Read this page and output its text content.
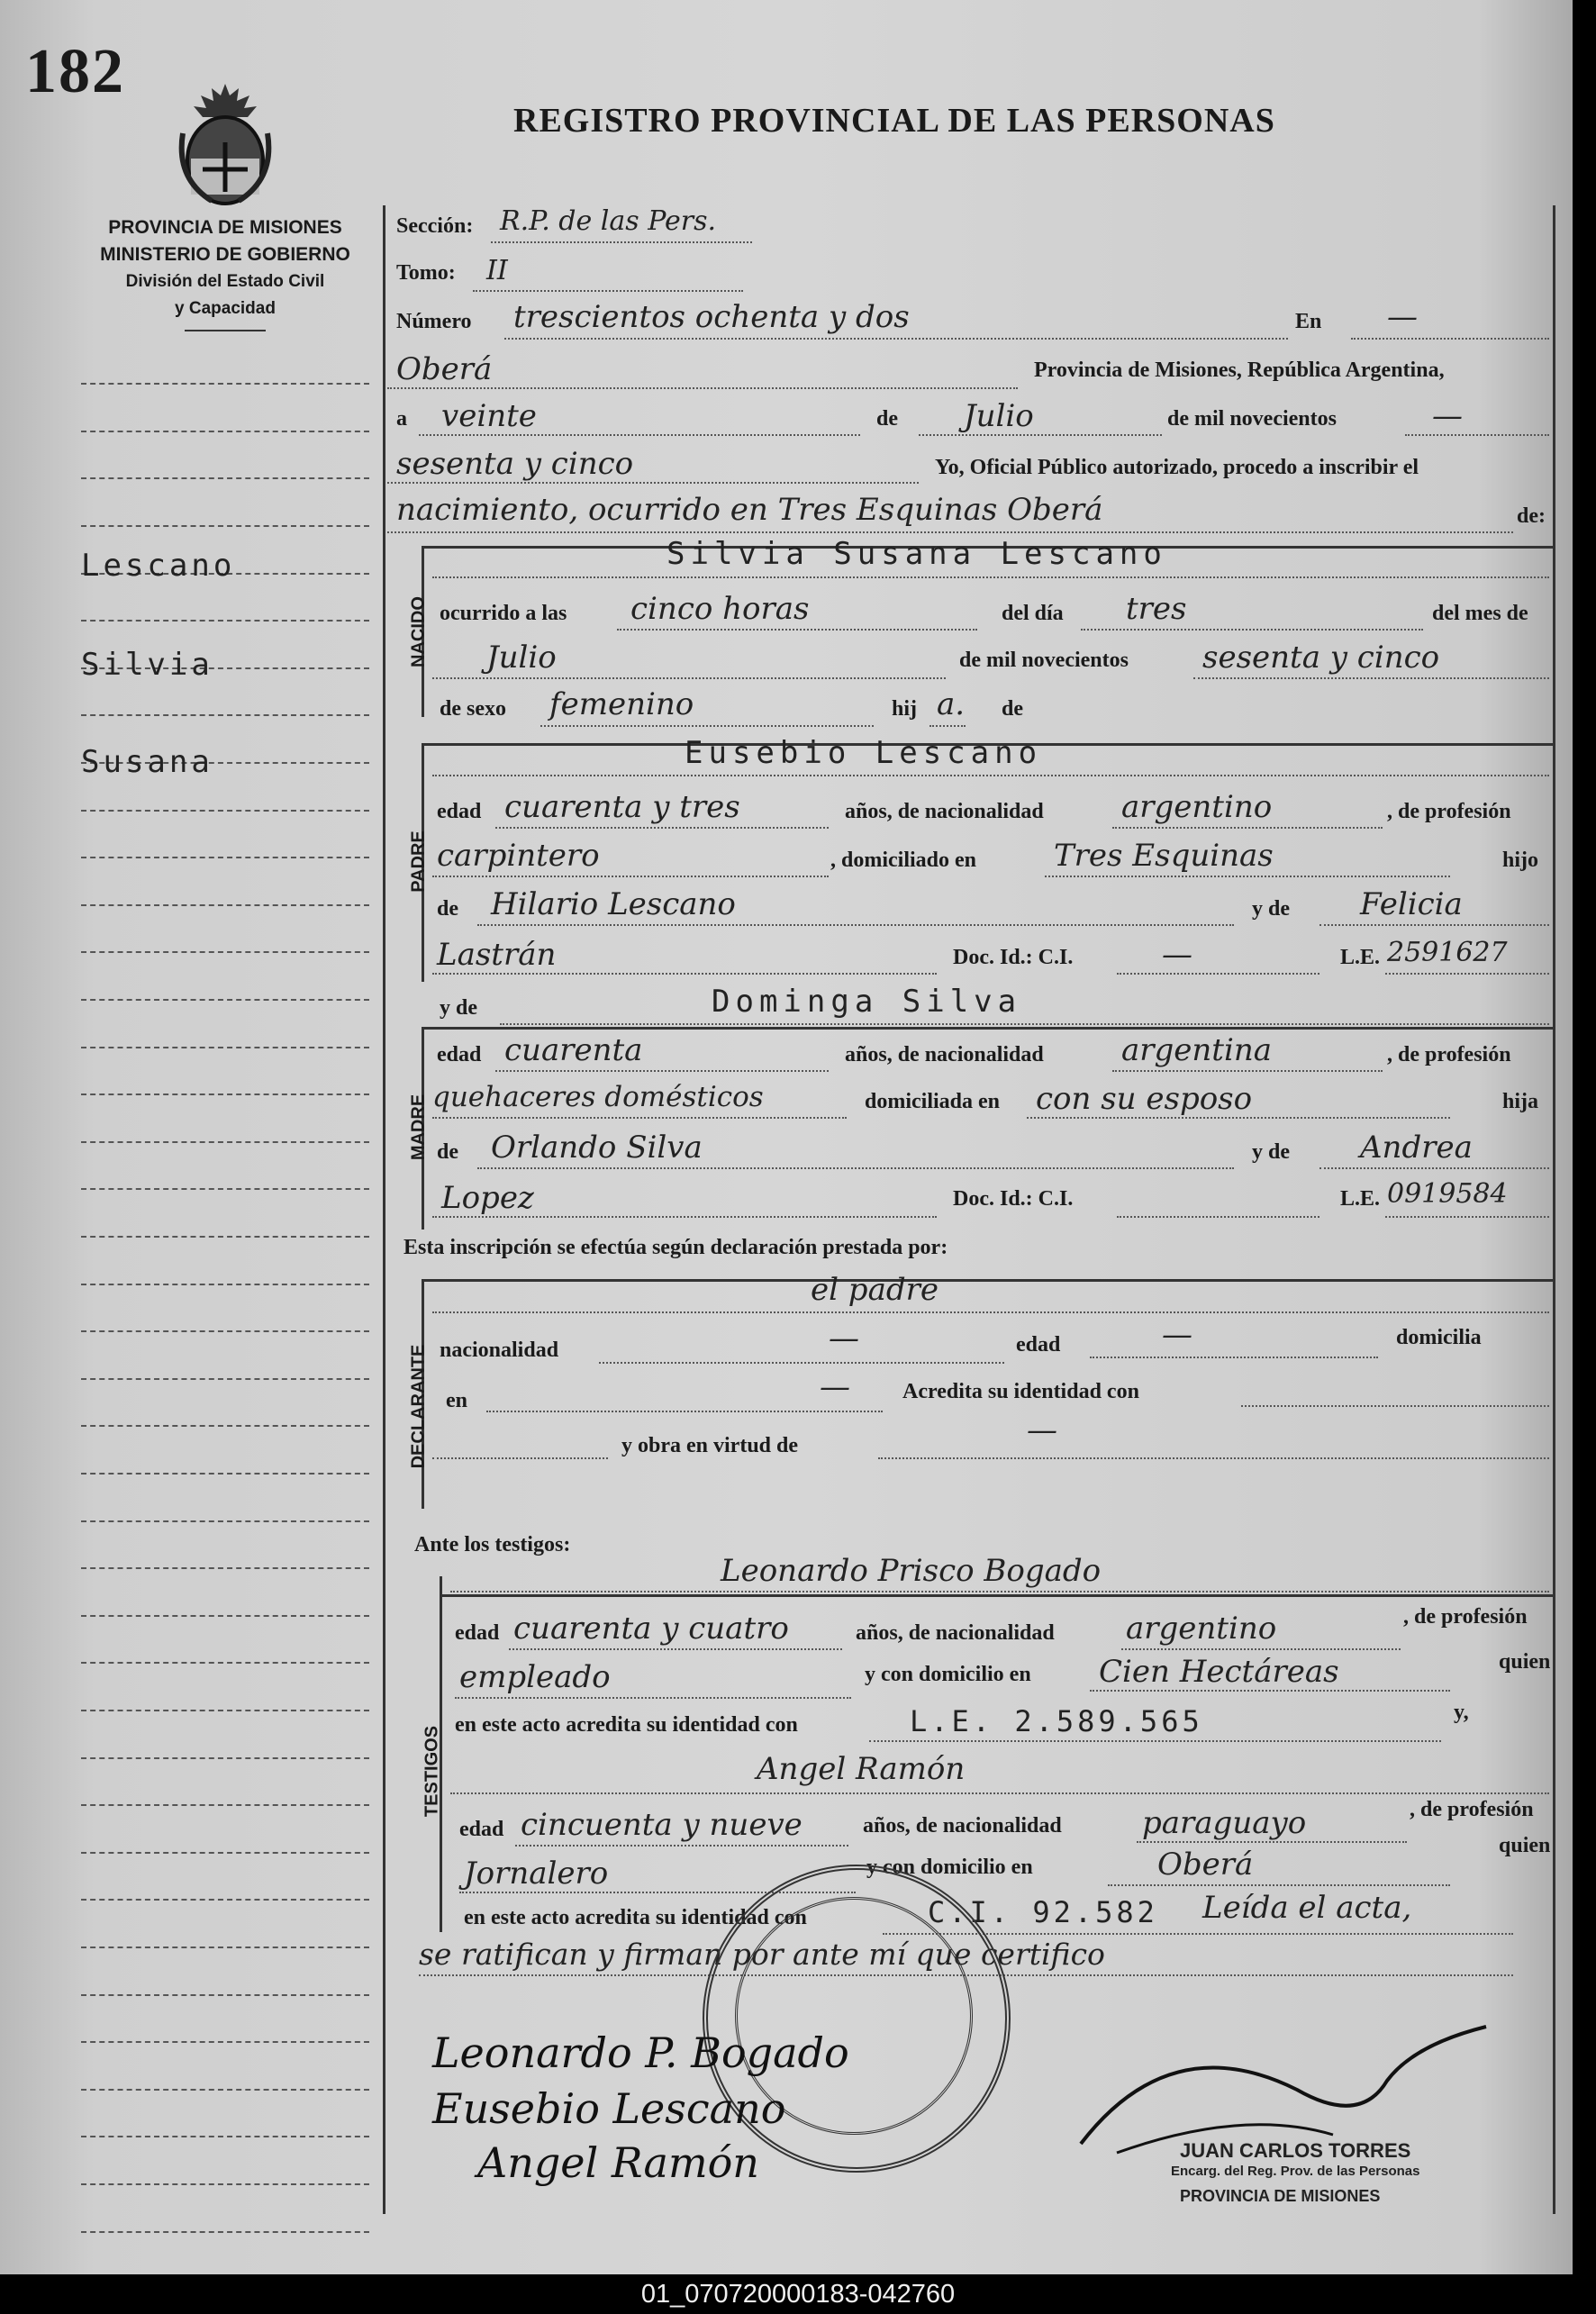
182
REGISTRO PROVINCIAL DE LAS PERSONAS
PROVINCIA DE MISIONES
MINISTERIO DE GOBIERNO
División del Estado Civil
y Capacidad
Lescano
Silvia
Susana
Sección: R.P. de las Pers.
Tomo: II
Número trescientos ochenta y dos	En —
Oberá	Provincia de Misiones, República Argentina,
a veinte	de Julio	de mil novecientos	—
sesenta y cinco	Yo, Oficial Público autorizado, procedo a inscribir el
nacimiento, ocurrido en Tres Esquinas Oberá	de:
NACIDO
Silvia Susana Lescano
ocurrido a las cinco horas	del día tres	del mes de
Julio	de mil novecientos sesenta y cinco
de sexo femenino	hij a. de
PADRE
Eusebio Lescano
edad cuarenta y tres	años, de nacionalidad	argentino	, de profesión
carpintero	, domiciliado en	Tres Esquinas	hijo
de Hilario Lescano	y de Felicia
Lastrán	Doc. Id.: C.I.	—	L.E. 2591627
y de	Dominga Silva
MADRE
edad cuarenta	años, de nacionalidad	argentina	, de profesión
quehaceres domésticos	domiciliada en con su esposo	hija
de Orlando Silva	y de Andrea
Lopez	Doc. Id.: C.I.	L.E. 0919584
Esta inscripción se efectúa según declaración prestada por:
DECLARANTE
el padre
nacionalidad	—	edad	—	domicilia
en	— Acredita su identidad con
y obra en virtud de	—
Ante los testigos:
TESTIGOS
Leonardo Prisco Bogado
edad cuarenta y cuatro	años, de nacionalidad argentino	, de profesión
empleado	y con domicilio en Cien Hectáreas	quien
en este acto acredita su identidad con	L.E. 2.589.565	y,
Angel Ramón
edad cincuenta y nueve	años, de nacionalidad	paraguayo	, de profesión
Jornalero	y con domicilio en	Oberá
quien
en este acto acredita su identidad con	C.I. 92.582 Leída el acta,
se ratifican y firman por ante mí que certifico
Leonardo P. Bogado
Eusebio Lescano
Angel Ramón	JUAN CARLOS TORRES
Encarg. del Reg. Prov. de las Personas
PROVINCIA DE MISIONES
01_070720000183-042760
